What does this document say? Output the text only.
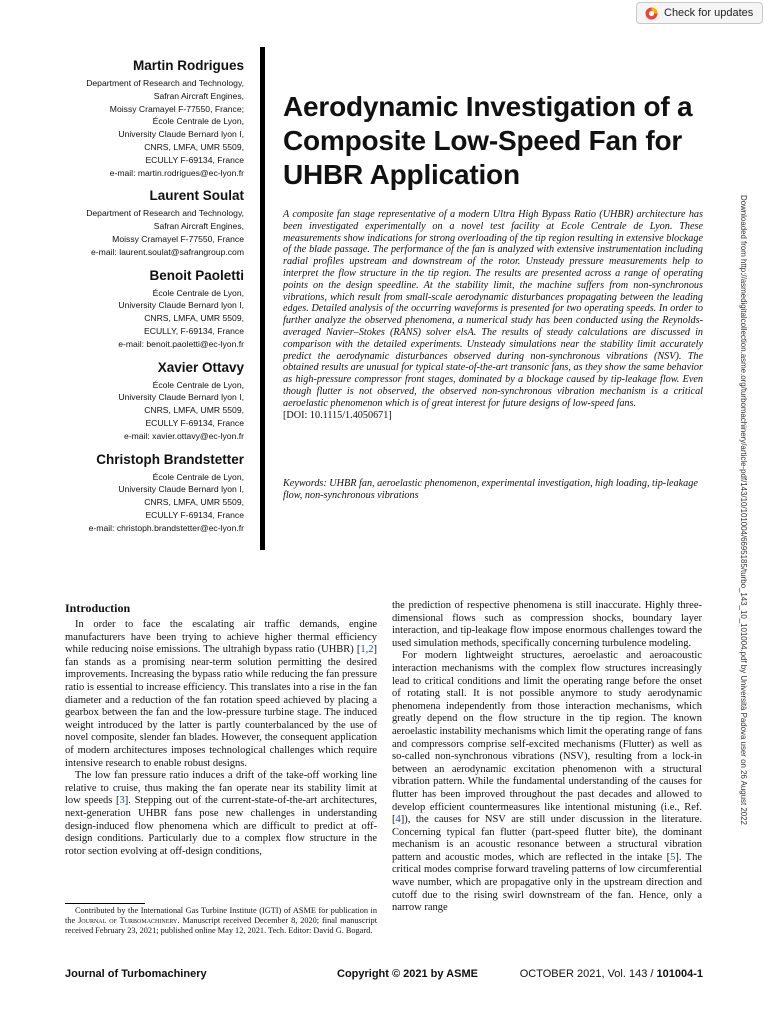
Check for updates
Martin Rodrigues
Department of Research and Technology,
Safran Aircraft Engines,
Moissy Cramayel F-77550, France;
École Centrale de Lyon,
University Claude Bernard lyon I,
CNRS, LMFA, UMR 5509,
ECULLY F-69134, France
e-mail: martin.rodrigues@ec-lyon.fr
Laurent Soulat
Department of Research and Technology,
Safran Aircraft Engines,
Moissy Cramayel F-77550, France
e-mail: laurent.soulat@safrangroup.com
Benoit Paoletti
École Centrale de Lyon,
University Claude Bernard lyon I,
CNRS, LMFA, UMR 5509,
ECULLY, F-69134, France
e-mail: benoit.paoletti@ec-lyon.fr
Xavier Ottavy
École Centrale de Lyon,
University Claude Bernard lyon I,
CNRS, LMFA, UMR 5509,
ECULLY F-69134, France
e-mail: xavier.ottavy@ec-lyon.fr
Christoph Brandstetter
École Centrale de Lyon,
University Claude Bernard lyon I,
CNRS, LMFA, UMR 5509,
ECULLY F-69134, France
e-mail: christoph.brandstetter@ec-lyon.fr
Aerodynamic Investigation of a Composite Low-Speed Fan for UHBR Application

A composite fan stage representative of a modern Ultra High Bypass Ratio (UHBR) architecture has been investigated experimentally on a novel test facility at Ecole Centrale de Lyon. These measurements show indications for strong overloading of the tip region resulting in extensive blockage of the blade passage. The performance of the fan is analyzed with extensive instrumentation including radial profiles upstream and downstream of the rotor. Unsteady pressure measurements help to interpret the flow structure in the tip region. The results are presented across a range of operating points on the design speedline. At the stability limit, the machine suffers from non-synchronous vibrations, which result from small-scale aerodynamic disturbances propagating between the leading edges. Detailed analysis of the occurring waveforms is presented for two operating speeds. In order to further analyze the observed phenomena, a numerical study has been conducted using the Reynolds-averaged Navier–Stokes (RANS) solver elsA. The results of steady calculations are discussed in comparison with the detailed experiments. Unsteady simulations near the stability limit accurately predict the aerodynamic disturbances observed during non-synchronous vibrations (NSV). The obtained results are unusual for typical state-of-the-art transonic fans, as they show the same behavior as high-pressure compressor front stages, dominated by a blockage caused by tip-leakage flow. Even though flutter is not observed, the observed non-synchronous vibration mechanism is a critical aeroelastic phenomenon which is of great interest for future designs of low-speed fans.
[DOI: 10.1115/1.4050671]

Keywords: UHBR fan, aeroelastic phenomenon, experimental investigation, high loading, tip-leakage flow, non-synchronous vibrations	Downloaded from http://asmedigitalcollection.asme.org/turbomachinery/article-pdf/143/10/101004/6695185/turbo_143_10_101004.pdf by Università Padova user on 26 August 2022
Introduction

In order to face the escalating air traffic demands, engine manufacturers have been trying to achieve higher thermal efficiency while reducing noise emissions. The ultrahigh bypass ratio (UHBR) [1,2] fan stands as a promising near-term solution permitting the desired improvements. Increasing the bypass ratio while reducing the fan pressure ratio is essential to increase efficiency. This translates into a rise in the fan diameter and a reduction of the fan rotation speed achieved by placing a gearbox between the fan and the low-pressure turbine stage. The induced weight introduced by the latter is partly counterbalanced by the use of novel composite, slender fan blades. However, the consequent application of modern architectures imposes technological challenges which require intensive research to enable robust designs.

The low fan pressure ratio induces a drift of the take-off working line relative to cruise, thus making the fan operate near its stability limit at low speeds [3]. Stepping out of the current-state-of-the-art architectures, next-generation UHBR fans pose new challenges in understanding design-induced flow phenomena which are difficult to predict at off-design conditions. Particularly due to a complex flow structure in the rotor section evolving at off-design conditions,

the prediction of respective phenomena is still inaccurate. Highly three-dimensional flows such as compression shocks, boundary layer interaction, and tip-leakage flow impose enormous challenges toward the used simulation methods, specifically concerning turbulence modeling.

For modern lightweight structures, aeroelastic and aeroacoustic interaction mechanisms with the complex flow structures increasingly lead to critical conditions and limit the operating range before the onset of rotating stall. It is not possible anymore to study aerodynamic phenomena independently from those interaction mechanisms, which greatly depend on the flow structure in the tip region. The known aeroelastic instability mechanisms which limit the operating range of fans and compressors comprise self-excited mechanisms (Flutter) as well as so-called non-synchronous vibrations (NSV), resulting from a lock-in between an aerodynamic excitation phenomenon with a structural vibration pattern. While the fundamental understanding of the causes for flutter has been improved throughout the past decades and allowed to develop efficient countermeasures like intentional mistuning (i.e., Ref. [4]), the causes for NSV are still under discussion in the literature. Concerning typical fan flutter (part-speed flutter bite), the dominant mechanism is an acoustic resonance between a structural vibration pattern and acoustic modes, which are reflected in the intake [5]. The critical modes comprise forward traveling patterns of low circumferential wave number, which are propagative only in the upstream direction and cutoff due to the rising swirl downstream of the fan. Hence, only a narrow range

Contributed by the International Gas Turbine Institute (IGTI) of ASME for publication in the Journal of Turbomachinery. Manuscript received December 8, 2020; final manuscript received February 23, 2021; published online May 12, 2021. Tech. Editor: David G. Bogard.

Journal of Turbomachinery	Copyright © 2021 by ASME	OCTOBER 2021, Vol. 143 / 101004-1
